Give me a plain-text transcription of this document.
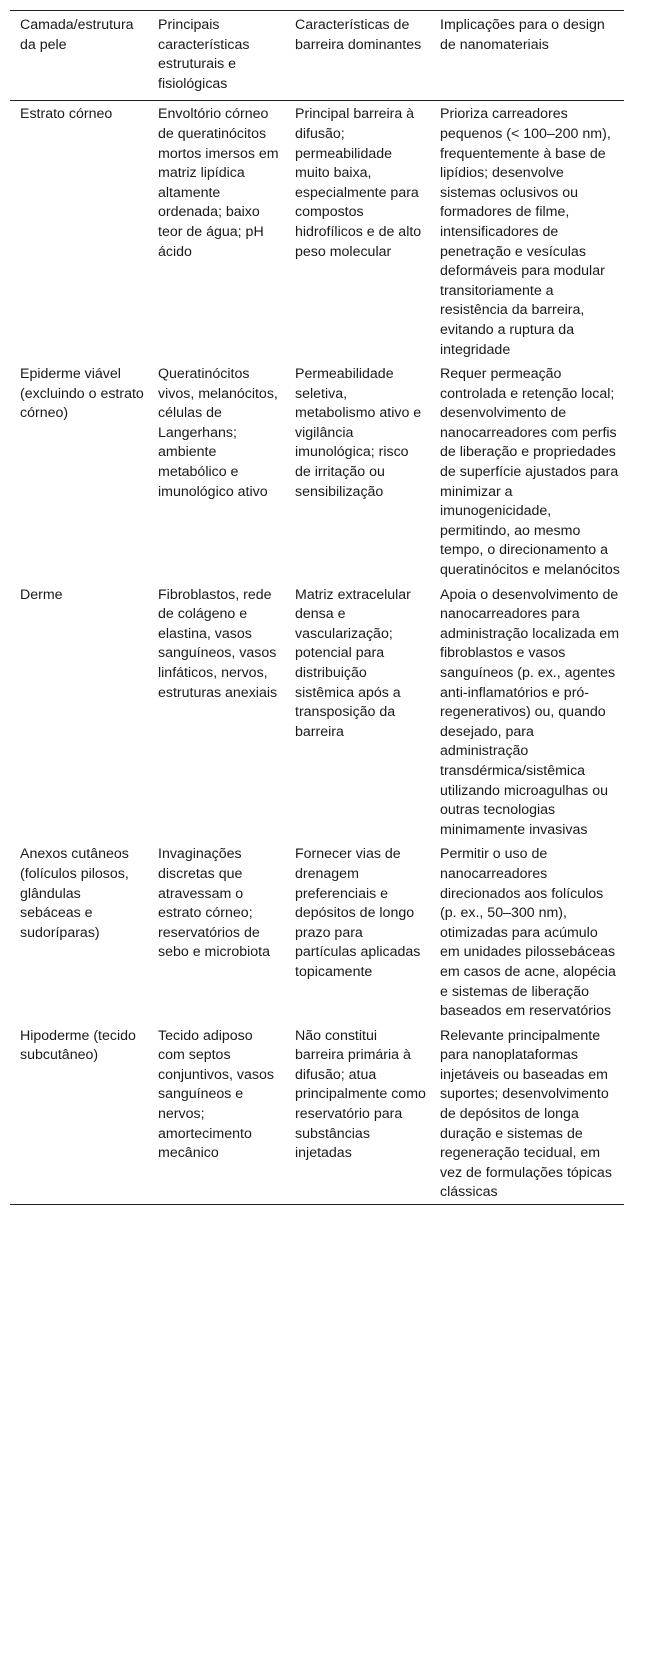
Camada/estrutura da pele	Principais características estruturais e fisiológicas	Características de barreira dominantes	Implicações para o design de nanomateriais
Estrato córneo	Envoltório córneo de queratinócitos mortos imersos em matriz lipídica altamente ordenada; baixo teor de água; pH ácido	Principal barreira à difusão; permeabilidade muito baixa, especialmente para compostos hidrofílicos e de alto peso molecular	Prioriza carreadores pequenos (< 100–200 nm), frequentemente à base de lipídios; desenvolve sistemas oclusivos ou formadores de filme, intensificadores de penetração e vesículas deformáveis para modular transitoriamente a resistência da barreira, evitando a ruptura da integridade
Epiderme viável (excluindo o estrato córneo)	Queratinócitos vivos, melanócitos, células de Langerhans; ambiente metabólico e imunológico ativo	Permeabilidade seletiva, metabolismo ativo e vigilância imunológica; risco de irritação ou sensibilização	Requer permeação controlada e retenção local; desenvolvimento de nanocarreadores com perfis de liberação e propriedades de superfície ajustados para minimizar a imunogenicidade, permitindo, ao mesmo tempo, o direcionamento a queratinócitos e melanócitos
Derme	Fibroblastos, rede de colágeno e elastina, vasos sanguíneos, vasos linfáticos, nervos, estruturas anexiais	Matriz extracelular densa e vascularização; potencial para distribuição sistêmica após a transposição da barreira	Apoia o desenvolvimento de nanocarreadores para administração localizada em fibroblastos e vasos sanguíneos (p. ex., agentes anti-inflamatórios e pró-regenerativos) ou, quando desejado, para administração transdérmica/sistêmica utilizando microagulhas ou outras tecnologias minimamente invasivas
Anexos cutâneos (folículos pilosos, glândulas sebáceas e sudoríparas)	Invaginações discretas que atravessam o estrato córneo; reservatórios de sebo e microbiota	Fornecer vias de drenagem preferenciais e depósitos de longo prazo para partículas aplicadas topicamente	Permitir o uso de nanocarreadores direcionados aos folículos (p. ex., 50–300 nm), otimizadas para acúmulo em unidades pilossebáceas em casos de acne, alopécia e sistemas de liberação baseados em reservatórios
Hipoderme (tecido subcutâneo)	Tecido adiposo com septos conjuntivos, vasos sanguíneos e nervos; amortecimento mecânico	Não constitui barreira primária à difusão; atua principalmente como reservatório para substâncias injetadas	Relevante principalmente para nanoplataformas injetáveis ou baseadas em suportes; desenvolvimento de depósitos de longa duração e sistemas de regeneração tecidual, em vez de formulações tópicas clássicas
